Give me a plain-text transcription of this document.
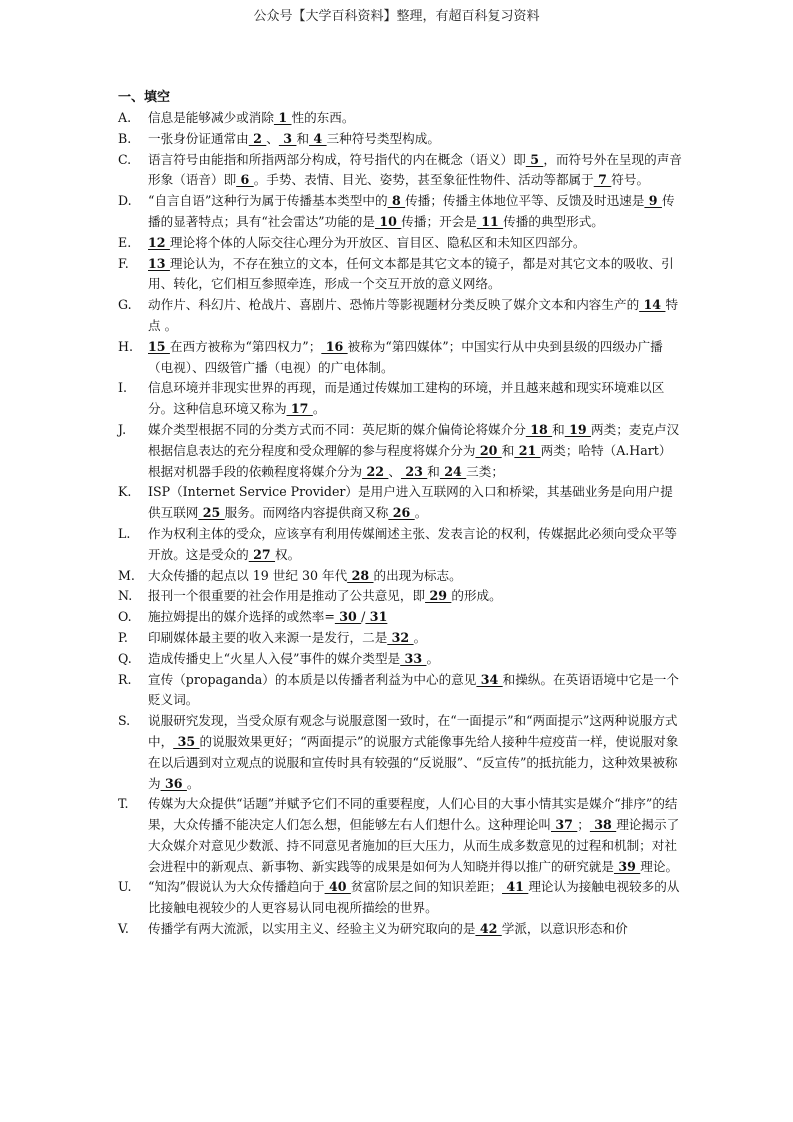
公众号【大学百科资料】整理，有超百科复习资料
一、填空
A.	信息是能够减少或消除 1 性的东西。
B.	一张身份证通常由 2 、 3 和 4 三种符号类型构成。
C.	语言符号由能指和所指两部分构成，符号指代的内在概念（语义）即 5 ，而符号外在呈现的声音形象（语音）即 6 。手势、表情、目光、姿势，甚至象征性物件、活动等都属于 7 符号。
D.	“自言自语”这种行为属于传播基本类型中的 8 传播；传播主体地位平等、反馈及时迅速是 9 传播的显著特点；具有“社会雷达”功能的是 10 传播；开会是 11 传播的典型形式。
E.	12 理论将个体的人际交往心理分为开放区、盲目区、隐私区和未知区四部分。
F.	13 理论认为，不存在独立的文本，任何文本都是其它文本的镜子，都是对其它文本的吸收、引用、转化，它们相互参照牵连，形成一个交互开放的意义网络。
G.	动作片、科幻片、枪战片、喜剧片、恐怖片等影视题材分类反映了媒介文本和内容生产的 14 特点 。
H.	15 在西方被称为“第四权力”； 16 被称为“第四媒体”；中国实行从中央到县级的四级办广播（电视）、四级管广播（电视）的广电体制。
I.	信息环境并非现实世界的再现，而是通过传媒加工建构的环境，并且越来越和现实环境难以区分。这种信息环境又称为 17 。
J.	媒介类型根据不同的分类方式而不同：英尼斯的媒介偏倚论将媒介分 18 和 19 两类；麦克卢汉根据信息表达的充分程度和受众理解的参与程度将媒介分为 20 和 21 两类；哈特（A.Hart）根据对机器手段的依赖程度将媒介分为 22 、 23 和 24 三类；
K.	ISP（Internet Service Provider）是用户进入互联网的入口和桥梁，其基础业务是向用户提供互联网 25 服务。而网络内容提供商又称 26 。
L.	作为权利主体的受众，应该享有利用传媒阐述主张、发表言论的权利，传媒据此必须向受众平等开放。这是受众的 27 权。
M.	大众传播的起点以 19 世纪 30 年代 28 的出现为标志。
N.	报刊一个很重要的社会作用是推动了公共意见，即 29 的形成。
O.	施拉姆提出的媒介选择的或然率= 30 / 31
P.	印刷媒体最主要的收入来源一是发行，二是 32 。
Q.	造成传播史上“火星人入侵”事件的媒介类型是 33 。
R.	宣传（propaganda）的本质是以传播者利益为中心的意见 34 和操纵。在英语语境中它是一个贬义词。
S.	说服研究发现，当受众原有观念与说服意图一致时，在“一面提示”和“两面提示”这两种说服方式中， 35 的说服效果更好；“两面提示”的说服方式能像事先给人接种牛痘疫苗一样，使说服对象在以后遇到对立观点的说服和宣传时具有较强的“反说服”、“反宣传”的抵抗能力，这种效果被称为 36 。
T.	传媒为大众提供“话题”并赋予它们不同的重要程度，人们心目的大事小情其实是媒介“排序”的结果，大众传播不能决定人们怎么想，但能够左右人们想什么。这种理论叫 37 ； 38 理论揭示了大众媒介对意见少数派、持不同意见者施加的巨大压力，从而生成多数意见的过程和机制；对社会进程中的新观点、新事物、新实践等的成果是如何为人知晓并得以推广的研究就是 39 理论。
U.	“知沟”假说认为大众传播趋向于 40 贫富阶层之间的知识差距； 41 理论认为接触电视较多的从比接触电视较少的人更容易认同电视所描绘的世界。
V.	传播学有两大流派，以实用主义、经验主义为研究取向的是 42 学派，以意识形态和价
